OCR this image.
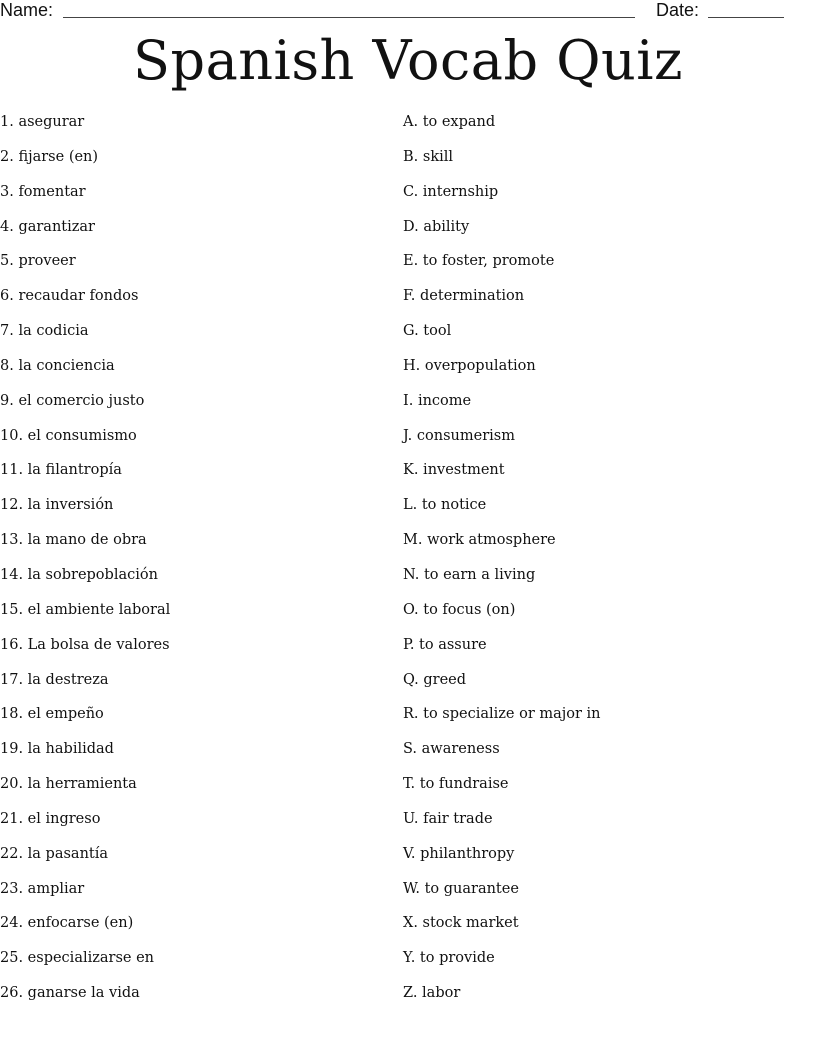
Name:	Date:
Spanish Vocab Quiz
1. asegurar
2. fijarse (en)
3. fomentar
4. garantizar
5. proveer
6. recaudar fondos
7. la codicia
8. la conciencia
9. el comercio justo
10. el consumismo
11. la filantropía
12. la inversión
13. la mano de obra
14. la sobrepoblación
15. el ambiente laboral
16. La bolsa de valores
17. la destreza
18. el empeño
19. la habilidad
20. la herramienta
21. el ingreso
22. la pasantía
23. ampliar
24. enfocarse (en)
25. especializarse en
26. ganarse la vida
A. to expand
B. skill
C. internship
D. ability
E. to foster, promote
F. determination
G. tool
H. overpopulation
I. income
J. consumerism
K. investment
L. to notice
M. work atmosphere
N. to earn a living
O. to focus (on)
P. to assure
Q. greed
R. to specialize or major in
S. awareness
T. to fundraise
U. fair trade
V. philanthropy
W. to guarantee
X. stock market
Y. to provide
Z. labor
